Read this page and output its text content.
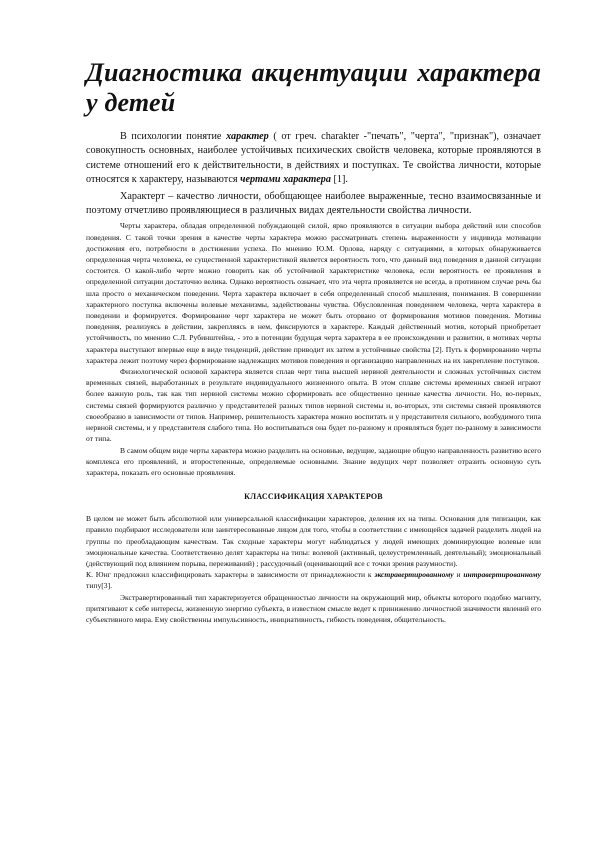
Диагностика акцентуации характера у детей

В психологии понятие характер ( от греч. charakter -"печать", "черта", "признак"), означает совокупность основных, наиболее устойчивых психических свойств человека, которые проявляются в системе отношений его к действительности, в действиях и поступках. Те свойства личности, которые относятся к характеру, называются чертами характера [1].

Характерт – качество личности, обобщающее наиболее выраженные, тесно взаимосвязанные и поэтому отчетливо проявляющиеся в различных видах деятельности свойства личности.

Черты характера, обладая определенной побуждающей силой, ярко проявляются в ситуации выбора действий или способов поведения. С такой точки зрения в качестве черты характера можно рассматривать степень выраженности у индивида мотивации достижения его, потребности в достижении успеха. По мнению Ю.М. Орлова, наряду с ситуациями, в которых обнаруживается определенная черта человека, ее существенной характеристикой является вероятность того, что данный вид поведения в данной ситуации состоится. О какой-либо черте можно говорить как об устойчивой характеристике человека, если вероятность ее проявления в определенной ситуации достаточно велика. Однако вероятность означает, что эта черта проявляется не всегда, в противном случае речь бы шла просто о механическом поведении. Черта характера включает в себя определенный способ мышления, понимания. В совершении характерного поступка включены волевые механизмы, задействованы чувства. Обусловленная поведением человека, черта характера в поведении и формируется. Формирование черт характера не может быть оторвано от формирования мотивов поведения. Мотивы поведения, реализуясь в действии, закрепляясь в нем, фиксируются в характере. Каждый действенный мотив, который приобретает устойчивость, по мнению С.Л. Рубинштейна, - это в потенции будущая черта характера в ее происхождении и развитии, в мотивах черты характера выступают впервые еще в виде тенденций, действие приводит их затем в устойчивые свойства [2]. Путь к формированию черты характера лежит поэтому через формирование надлежащих мотивов поведения и организацию направленных на их закрепление поступков.

Физиологической основой характера является сплав черт типа высшей нервной деятельности и сложных устойчивых систем временных связей, выработанных в результате индивидуального жизненного опыта. В этом сплаве системы временных связей играют более важную роль, так как тип нервной системы можно сформировать все общественно ценные качества личности. Но, во-первых, системы связей формируются различно у представителей разных типов нервной системы и, во-вторых, эти системы связей проявляются своеобразно в зависимости от типов. Например, решительность характера можно воспитать и у представителя сильного, возбудимого типа нервной системы, и у представителя слабого типа. Но воспитываться она будет по-разному и проявляться будет по-разному в зависимости от типа.

В самом общем виде черты характера можно разделить на основные, ведущие, задающие общую направленность развитию всего комплекса его проявлений, и второстепенные, определяемые основными. Знание ведущих черт позволяет отразить основную суть характера, показать его основные проявления.

КЛАССИФИКАЦИЯ ХАРАКТЕРОВ

В целом не может быть абсолютной или универсальной классификации характеров, деления их на типы. Основания для типизации, как правило подбирают исследователи или заинтересованные лицом для того, чтобы в соответствии с имеющейся задачей разделить людей на группы по преобладающим качествам. Так сходные характеры могут наблюдаться у людей имеющих доминирующие волевые или эмоциональные качества. Соответственно делят характеры на типы: волевой (активный, целеустремленный, деятельный); эмоциональный (действующий под влиянием порыва, переживаний) ; рассудочный (оценивающий все с точки зрения разумности).

К. Юнг предложил классифицировать характеры в зависимости от принадлежности к экстравертированному и интравертированному типу[3].

Экстравертированный тип характеризуется обращенностью личности на окружающий мир, объекты которого подобно магниту, притягивают к себе интересы, жизненную энергию субъекта, в известном смысле ведет к принижению личностной значимости явлений его субъективного мира. Ему свойственны импульсивность, инициативность, гибкость поведения, общительность.
